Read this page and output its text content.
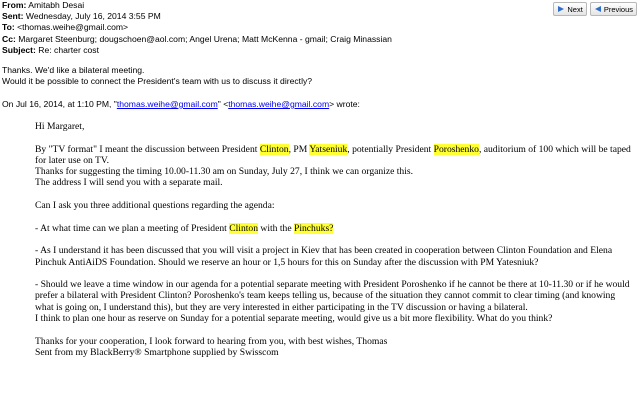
From: Amitabh Desai
Sent: Wednesday, July 16, 2014 3:55 PM
To: <thomas.weihe@gmail.com>
Cc: Margaret Steenburg; dougschoen@aol.com; Angel Urena; Matt McKenna - gmail; Craig Minassian
Subject: Re: charter cost
Next	Previous
Thanks. We'd like a bilateral meeting.
Would it be possible to connect the President's team with us to discuss it directly?
On Jul 16, 2014, at 1:10 PM, "thomas.weihe@gmail.com" <thomas.weihe@gmail.com> wrote:
Hi Margaret,
By "TV format" I meant the discussion between President Clinton, PM Yatseniuk, potentially President Poroshenko, auditorium of 100 which will be taped for later use on TV.
Thanks for suggesting the timing 10.00-11.30 am on Sunday, July 27, I think we can organize this.
The address I will send you with a separate mail.
Can I ask you three additional questions regarding the agenda:
- At what time can we plan a meeting of President Clinton with the Pinchuks?
- As I understand it has been discussed that you will visit a project in Kiev that has been created in cooperation between Clinton Foundation and Elena Pinchuk AntiAiDS Foundation. Should we reserve an hour or 1,5 hours for this on Sunday after the discussion with PM Yatesniuk?
- Should we leave a time window in our agenda for a potential separate meeting with President Poroshenko if he cannot be there at 10-11.30 or if he would prefer a bilateral with President Clinton? Poroshenko's team keeps telling us, because of the situation they cannot commit to clear timing (and knowing what is going on, I understand this), but they are very interested in either participating in the TV discussion or having a bilateral.
I think to plan one hour as reserve on Sunday for a potential separate meeting, would give us a bit more flexibility. What do you think?
Thanks for your cooperation, I look forward to hearing from you, with best wishes, Thomas
Sent from my BlackBerry® Smartphone supplied by Swisscom
